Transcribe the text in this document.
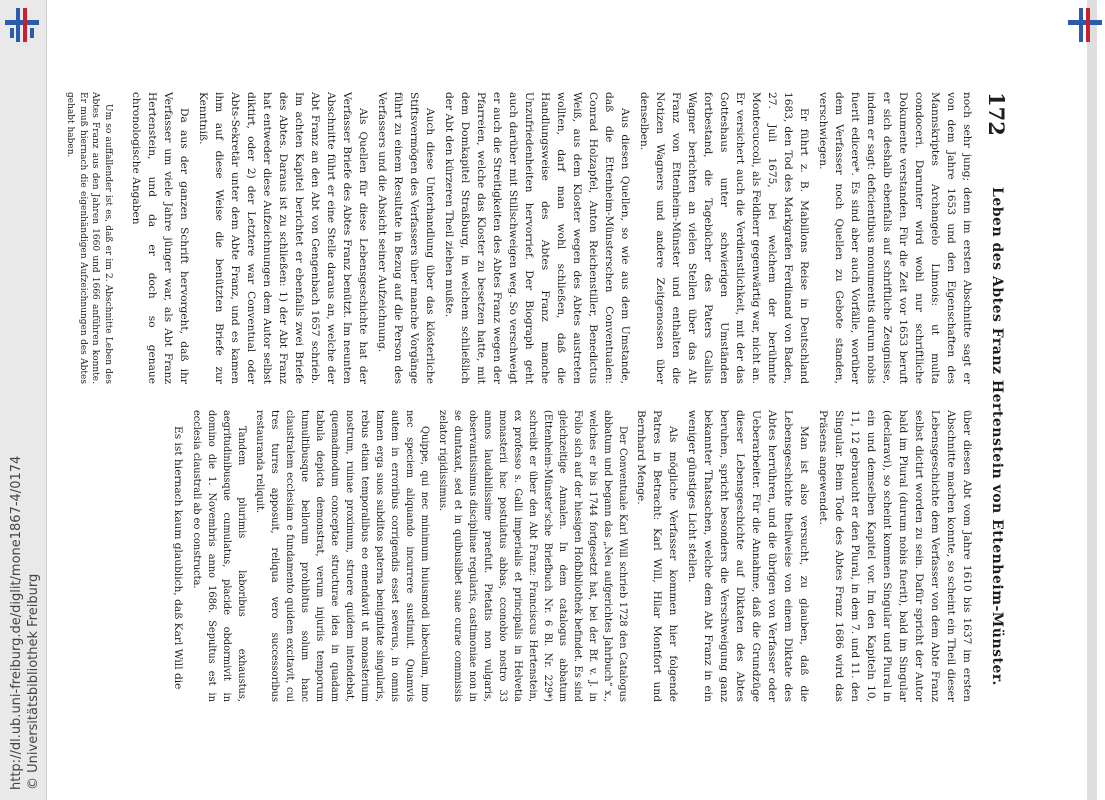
http://dl.ub.uni-freiburg.de/diglit/mone1867-4/0174 © Universitätsbibliothek Freiburg
172
Leben des Abtes Franz Hertenstein von Ettenheim-Münster.

noch sehr jung; denn im ersten Abschnitte sagt er von dem Jahre 1653 und den Eigenschaften des Mannskriptes Archangelo Linnois: ut multa condoceri. Darunter wird wohl nur schriftliche Dokumente verstanden. Für die Zeit vor 1653 beruft er sich deshalb ebenfalls auf schriftliche Zeugnisse, indem er sagt: deficientibus monumentis durum nobis fuerit edicere*. Es sind aber auch Vorfälle, worüber dem Verfasser noch Quellen zu Gebote standen, verschwiegen.

Er führt z. B. Mabillons Reise in Deutschland 1683, den Tod des Markgrafen Ferdinand von Baden, 27. Juli 1675, bei welchem der berühmte Montecuccoli, als Feldherr gegenwärtig war, nicht an. Er versichert auch die Verdienstlichkeit, mit der das Gotteshaus unter schwierigen Umständen fortbestand, die Tagebücher des Paters Gallus Wagner berichten an vielen Stellen über das Alt Franz von Ettenheim-Münster und enthalten die Notizen Wagners und andere Zeitgenossen über denselben.

Aus diesen Quellen, so wie aus dem Umstande, daß die Ettenheim-Münsterschen Conventualen: Conrad Holzapfel, Anton Reichenstiller, Benedictus Weiß, aus dem Kloster wegen des Abtes austreten wollten, darf man wohl schließen, daß die Handlungsweise des Abtes Franz manche Unzufriedenheiten hervorrief. Der Biograph geht auch darüber mit Stillschweigen weg. So verschweigt er auch die Streitigkeiten des Abtes Franz wegen der Pfarreien, welche das Kloster zu besetzen hatte, mit dem Domkapitel Straßburg, in welchem schließlich der Abt den kürzeren Theil ziehen mußte.

Auch diese Unterhandlung über das klösterliche Stiftsvermögen des Verfassers über manche Vorgänge führt zu einem Resultate in Bezug auf die Person des Verfassers und die Absicht seiner Aufzeichnung.

Als Quellen für diese Lebensgeschichte hat der Verfasser Briefe des Abtes Franz benützt. Im neunten Abschnitte führt er eine Stelle daraus an, welche der Abt Franz an den Abt von Gengenbach 1657 schrieb. Im achten Kapitel berichtet er ebenfalls zwei Briefe des Abtes. Daraus ist zu schließen: 1) der Abt Franz hat entweder diese Aufzeichnungen dem Autor selbst diktirt, oder 2) der Letztere war Conventual oder Abts-Sekretär unter dem Abte Franz, und es kamen ihm auf diese Weise die benützten Briefe zur Kenntniß.

Da aus der ganzen Schrift hervorgeht, daß ihr Verfasser um viele Jahre jünger war, als Abt Franz Hertenstein, und da er doch so genaue chronologische Angaben

Um so auffallender ist es, daß er im 2. Abschnitte Leben des Abtes Franz aus den Jahren 1660 und 1666 anführen konnte. Er muß hiernach die eigenhändigen Aufzeichnungen des Abtes gehabt haben.

über diesen Abt vom Jahre 1610 bis 1637 im ersten Abschnitte machen konnte, so scheint ein Theil dieser Lebensgeschichte dem Verfasser von dem Abte Franz selbst dictirt worden zu sein. Dafür spricht der Autor bald im Plural (durum nobis fuerit), bald im Singular (declaravi), so scheint kommen Singular und Plural in ein und demselben Kapitel vor. Im den Kapiteln 10, 11, 12 gebraucht er den Plural, in dem 7. und 11. den Singular. Beim Tode des Abtes Franz 1686 wird das Präsens angewendet.

Man ist also versucht, zu glauben, daß die Lebensgeschichte theilweise von einem Diktate des Abtes herrühren, und die übrigen von Verfasser oder Ueberarbeiter. Für die Annahme, daß die Grundzüge dieser Lebensgeschichte auf Diktaten des Abtes beruhen, spricht besonders die Verschweigung ganz bekannter Thatsachen, welche dem Abt Franz in ein weniger günstiges Licht stellen.

Als mögliche Verfasser kommen hier folgende Patres in Betracht: Karl Will, Hilar Montfort und Bernhard Menge.

Der Conventuale Karl Will schrieb 1728 den Catalogus abbatum und begann das „Neu aufgerichtes Jahrbuch“ x., welches er bis 1744 fortgesetzt hat, bei der Bf. v. J. in Folio sich auf der hiesigen Hofbibliothek befindet. Es sind gleichzeitige Annalen. In dem catalogus abbatum (Ettenheim-Münster'sche Briefbuch Nr. 6 Bl. Nr. 229*) schreibt er über den Abt Franz: Franciscus Hertenstein, ex professo s. Galli imperialis et principalis in Helvetia monasterii hac postulatus abbas, cconobio nostro 33 annos laudabilissime praefuit. Pietatis non vulgaris, observantissimus disciplinae regularis, castimoniae non in se duntaxat, sed et in quibuslibet suae curae commissis zelator rigidissimus.

Quippe, qui nec minimum huiusmodi labeculam, imo nec speciem aliquando incurrere sustinuit. Quamvis autem in erroribus corrigendis esset severus, in omnis tamen erga suos subditos paterna benignitate singularis, rebus etiam temporalibus eo emendavit ut monasterium nostrum, ruinae proximum, struere quidem intendebat, quemadmodum conceptae structurae idea in quadam tabula depicta demonstrat, verum injuriis temporum tumultibusque bellorum prohibitus solum hanc claustralem ecclesiam e fundamento quidem excitavit, cui tres turres apposuit, reliqua vero successoribus restauranda reliquit.

Tandem plurimis laboribus exhaustus, aegritudinibusque cumulatus, placide obdormivit in domino die 1. Novembris anno 1686. Sepultus est in ecclesia claustrali ab eo constructa.

Es ist hiernach kaum glaublich, daß Karl Will die
